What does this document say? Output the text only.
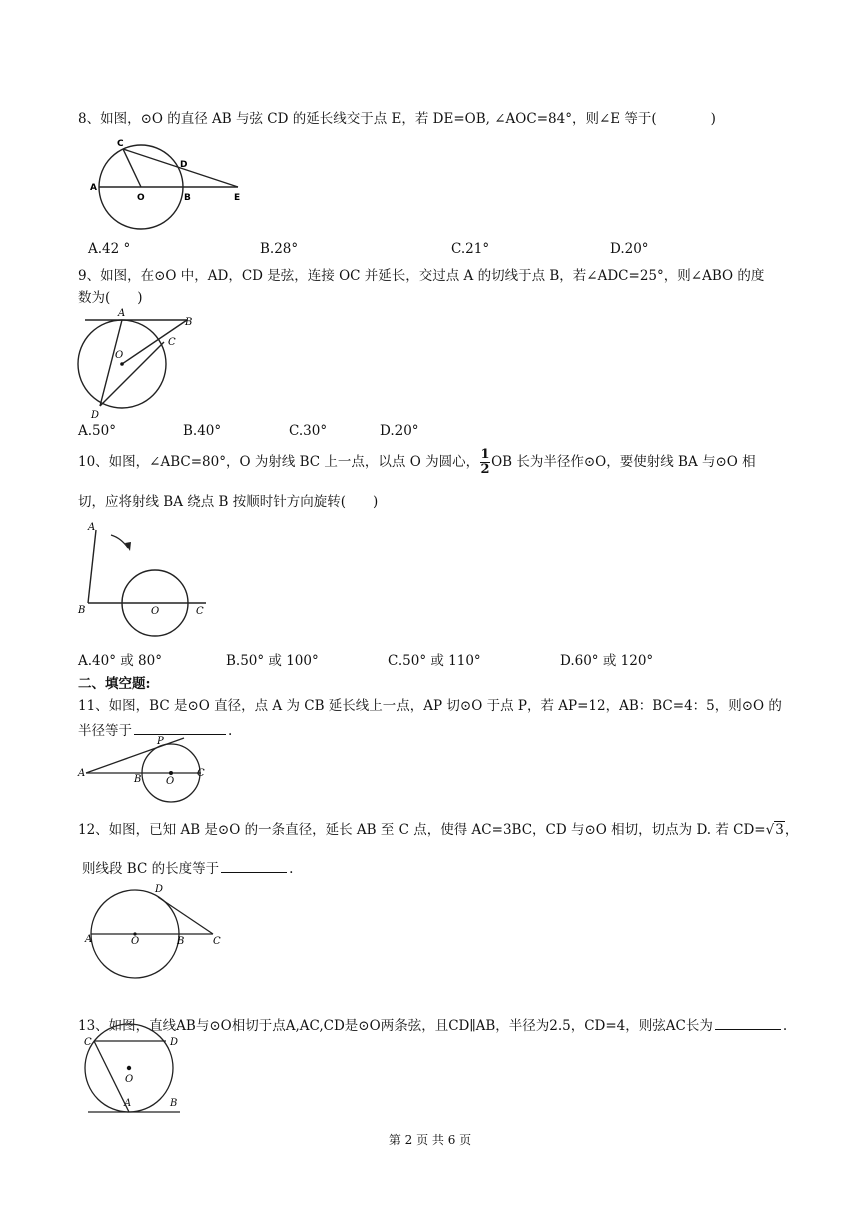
8、如图，⊙O 的直径 AB 与弦 CD 的延长线交于点 E，若 DE=OB, ∠AOC=84°，则∠E 等于(　　　　)
C
D
A
O	B	E
A.42 °	B.28°	C.21°	D.20°
9、如图，在⊙O 中，AD，CD 是弦，连接 OC 并延长，交过点 A 的切线于点 B，若∠ADC=25°，则∠ABO 的度
数为(　　)
A
B
C
O
D
A.50°	B.40°	C.30°	D.20°
10、如图，∠ABC=80°，O 为射线 BC 上一点，以点 O 为圆心， $\frac{1}{2}$ OB 长为半径作⊙O，要使射线 BA 与⊙O 相
切，应将射线 BA 绕点 B 按顺时针方向旋转(　　)
A
B	O	C
A.40° 或 80°	B.50° 或 100°	C.50° 或 110°	D.60° 或 120°
二、填空题:
11、如图，BC 是⊙O 直径，点 A 为 CB 延长线上一点，AP 切⊙O 于点 P，若 AP=12，AB：BC=4：5，则⊙O 的
半径等于	.
A
P
B O
C
12、如图，已知 AB 是⊙O 的一条直径，延长 AB 至 C 点，使得 AC=3BC，CD 与⊙O 相切，切点为 D. 若 CD=√3，
则线段 BC 的长度等于	.
D
A	O	B	C
13、如图，直线AB与⊙O相切于点A,AC,CD是⊙O两条弦，且CD∥AB，半径为2.5，CD=4，则弦AC长为	.
C	D
O
A	B
第 2 页 共 6 页
